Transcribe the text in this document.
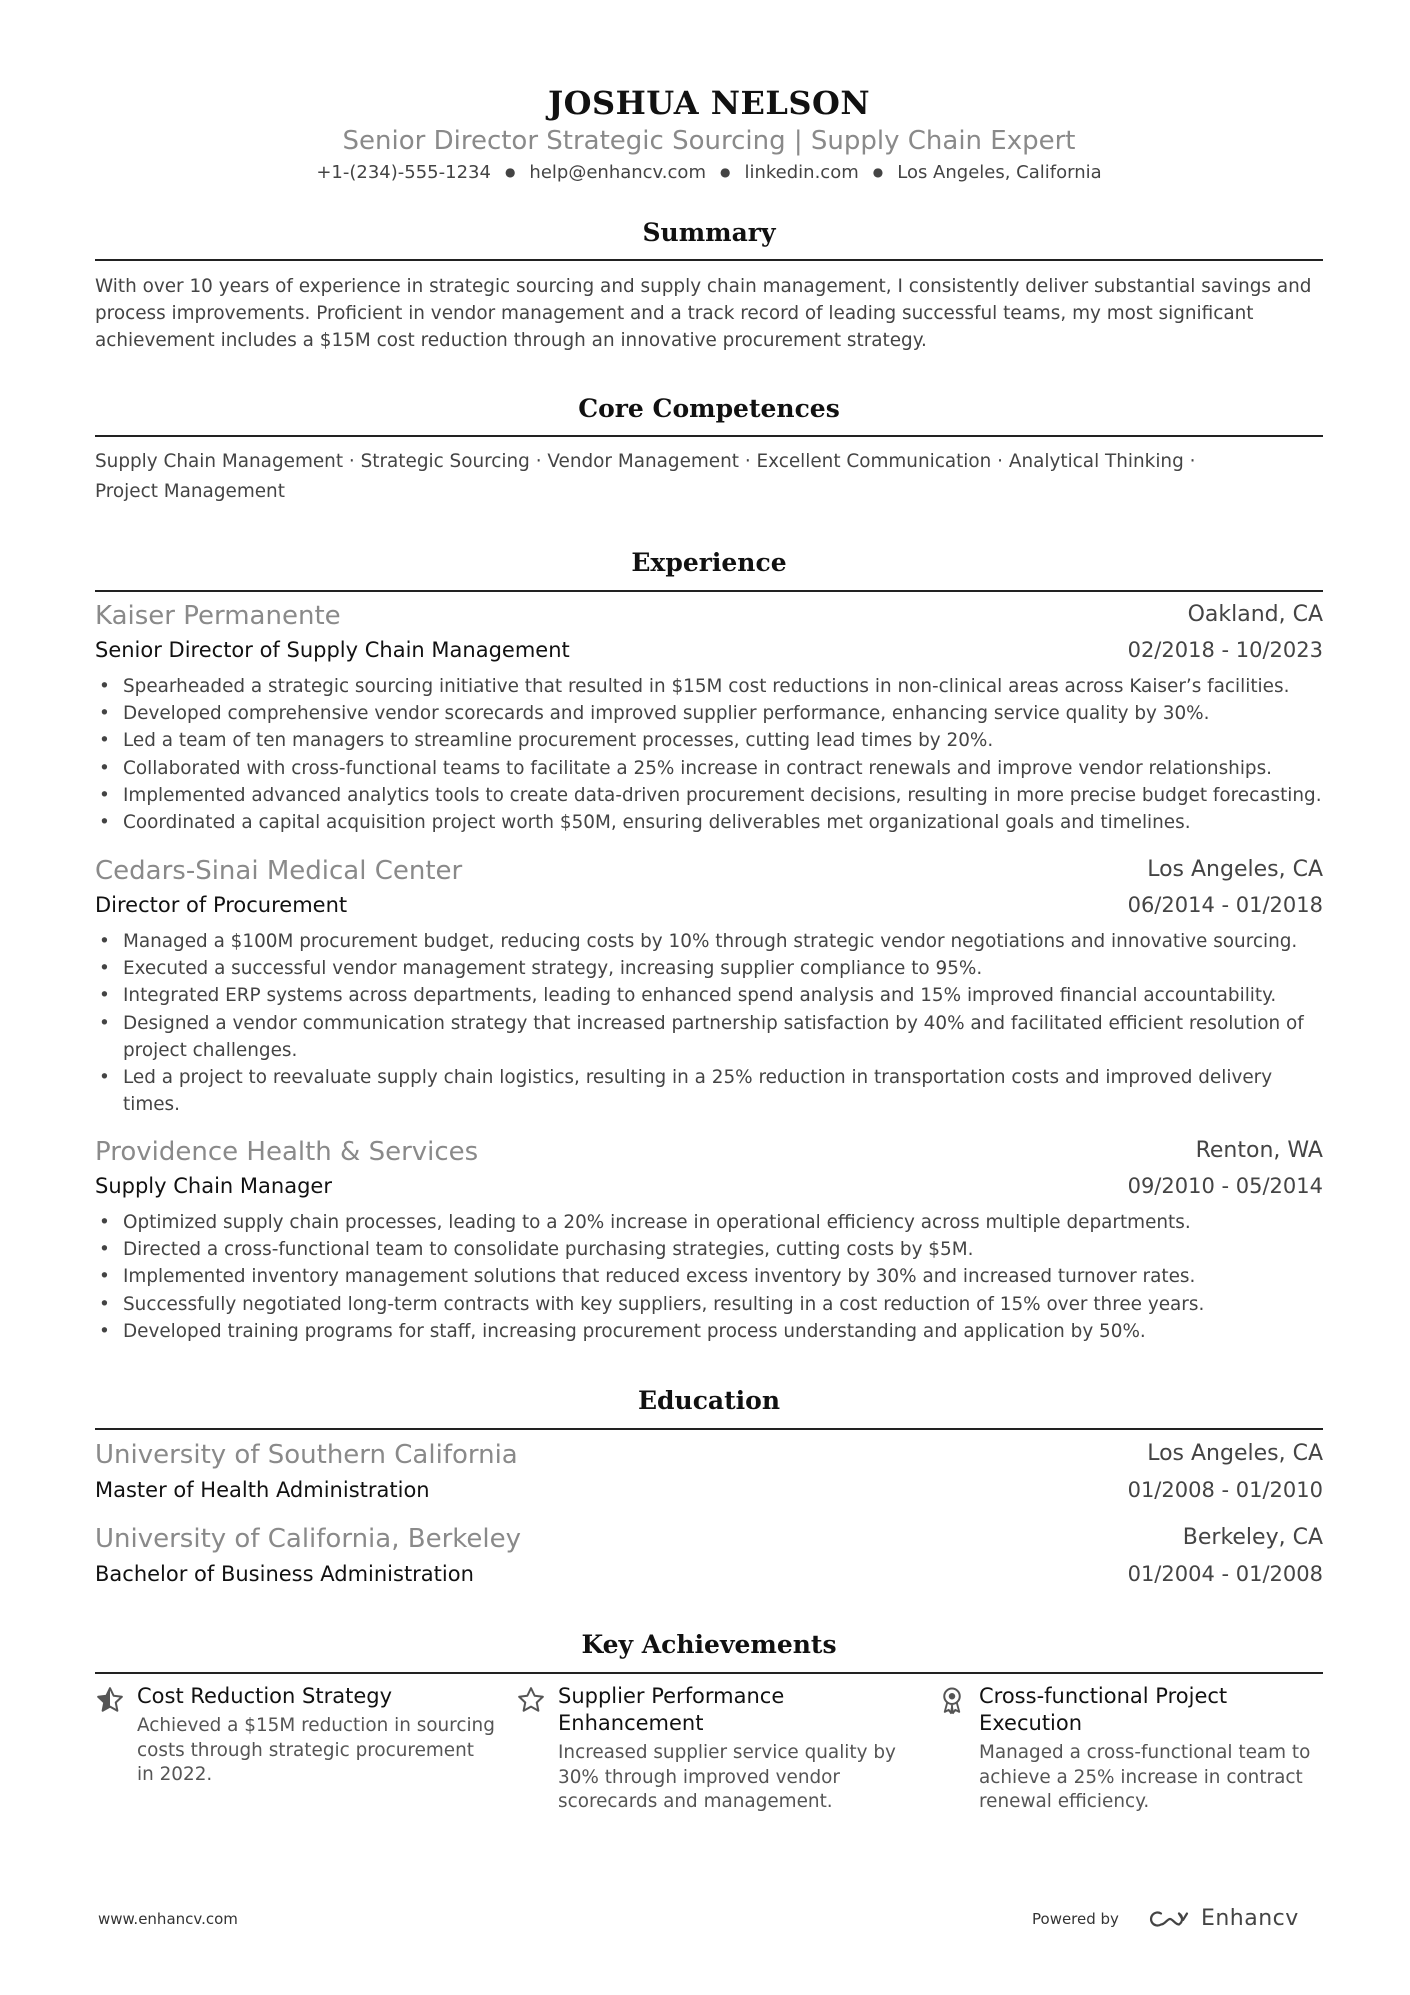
JOSHUA NELSON
Senior Director Strategic Sourcing | Supply Chain Expert
+1-(234)-555-1234 ● help@enhancv.com ● linkedin.com ● Los Angeles, California
Summary
With over 10 years of experience in strategic sourcing and supply chain management, I consistently deliver substantial savings and process improvements. Proficient in vendor management and a track record of leading successful teams, my most significant achievement includes a $15M cost reduction through an innovative procurement strategy.
Core Competences
Supply Chain Management · Strategic Sourcing · Vendor Management · Excellent Communication · Analytical Thinking ·
Project Management
Experience
Kaiser Permanente	Oakland, CA
Senior Director of Supply Chain Management	02/2018 - 10/2023
• Spearheaded a strategic sourcing initiative that resulted in $15M cost reductions in non-clinical areas across Kaiser’s facilities.
• Developed comprehensive vendor scorecards and improved supplier performance, enhancing service quality by 30%.
• Led a team of ten managers to streamline procurement processes, cutting lead times by 20%.
• Collaborated with cross-functional teams to facilitate a 25% increase in contract renewals and improve vendor relationships.
• Implemented advanced analytics tools to create data-driven procurement decisions, resulting in more precise budget forecasting.
• Coordinated a capital acquisition project worth $50M, ensuring deliverables met organizational goals and timelines.
Cedars-Sinai Medical Center	Los Angeles, CA
Director of Procurement	06/2014 - 01/2018
• Managed a $100M procurement budget, reducing costs by 10% through strategic vendor negotiations and innovative sourcing.
• Executed a successful vendor management strategy, increasing supplier compliance to 95%.
• Integrated ERP systems across departments, leading to enhanced spend analysis and 15% improved financial accountability.
• Designed a vendor communication strategy that increased partnership satisfaction by 40% and facilitated efficient resolution of project challenges.
• Led a project to reevaluate supply chain logistics, resulting in a 25% reduction in transportation costs and improved delivery times.
Providence Health & Services	Renton, WA
Supply Chain Manager	09/2010 - 05/2014
• Optimized supply chain processes, leading to a 20% increase in operational efficiency across multiple departments.
• Directed a cross-functional team to consolidate purchasing strategies, cutting costs by $5M.
• Implemented inventory management solutions that reduced excess inventory by 30% and increased turnover rates.
• Successfully negotiated long-term contracts with key suppliers, resulting in a cost reduction of 15% over three years.
• Developed training programs for staff, increasing procurement process understanding and application by 50%.
Education
University of Southern California	Los Angeles, CA
Master of Health Administration	01/2008 - 01/2010
University of California, Berkeley	Berkeley, CA
Bachelor of Business Administration	01/2004 - 01/2008
Key Achievements
Cost Reduction Strategy
Achieved a $15M reduction in sourcing costs through strategic procurement in 2022.
Supplier Performance Enhancement
Increased supplier service quality by 30% through improved vendor scorecards and management.
Cross-functional Project Execution
Managed a cross-functional team to achieve a 25% increase in contract renewal efficiency.
www.enhancv.com	Powered by	Enhancv
